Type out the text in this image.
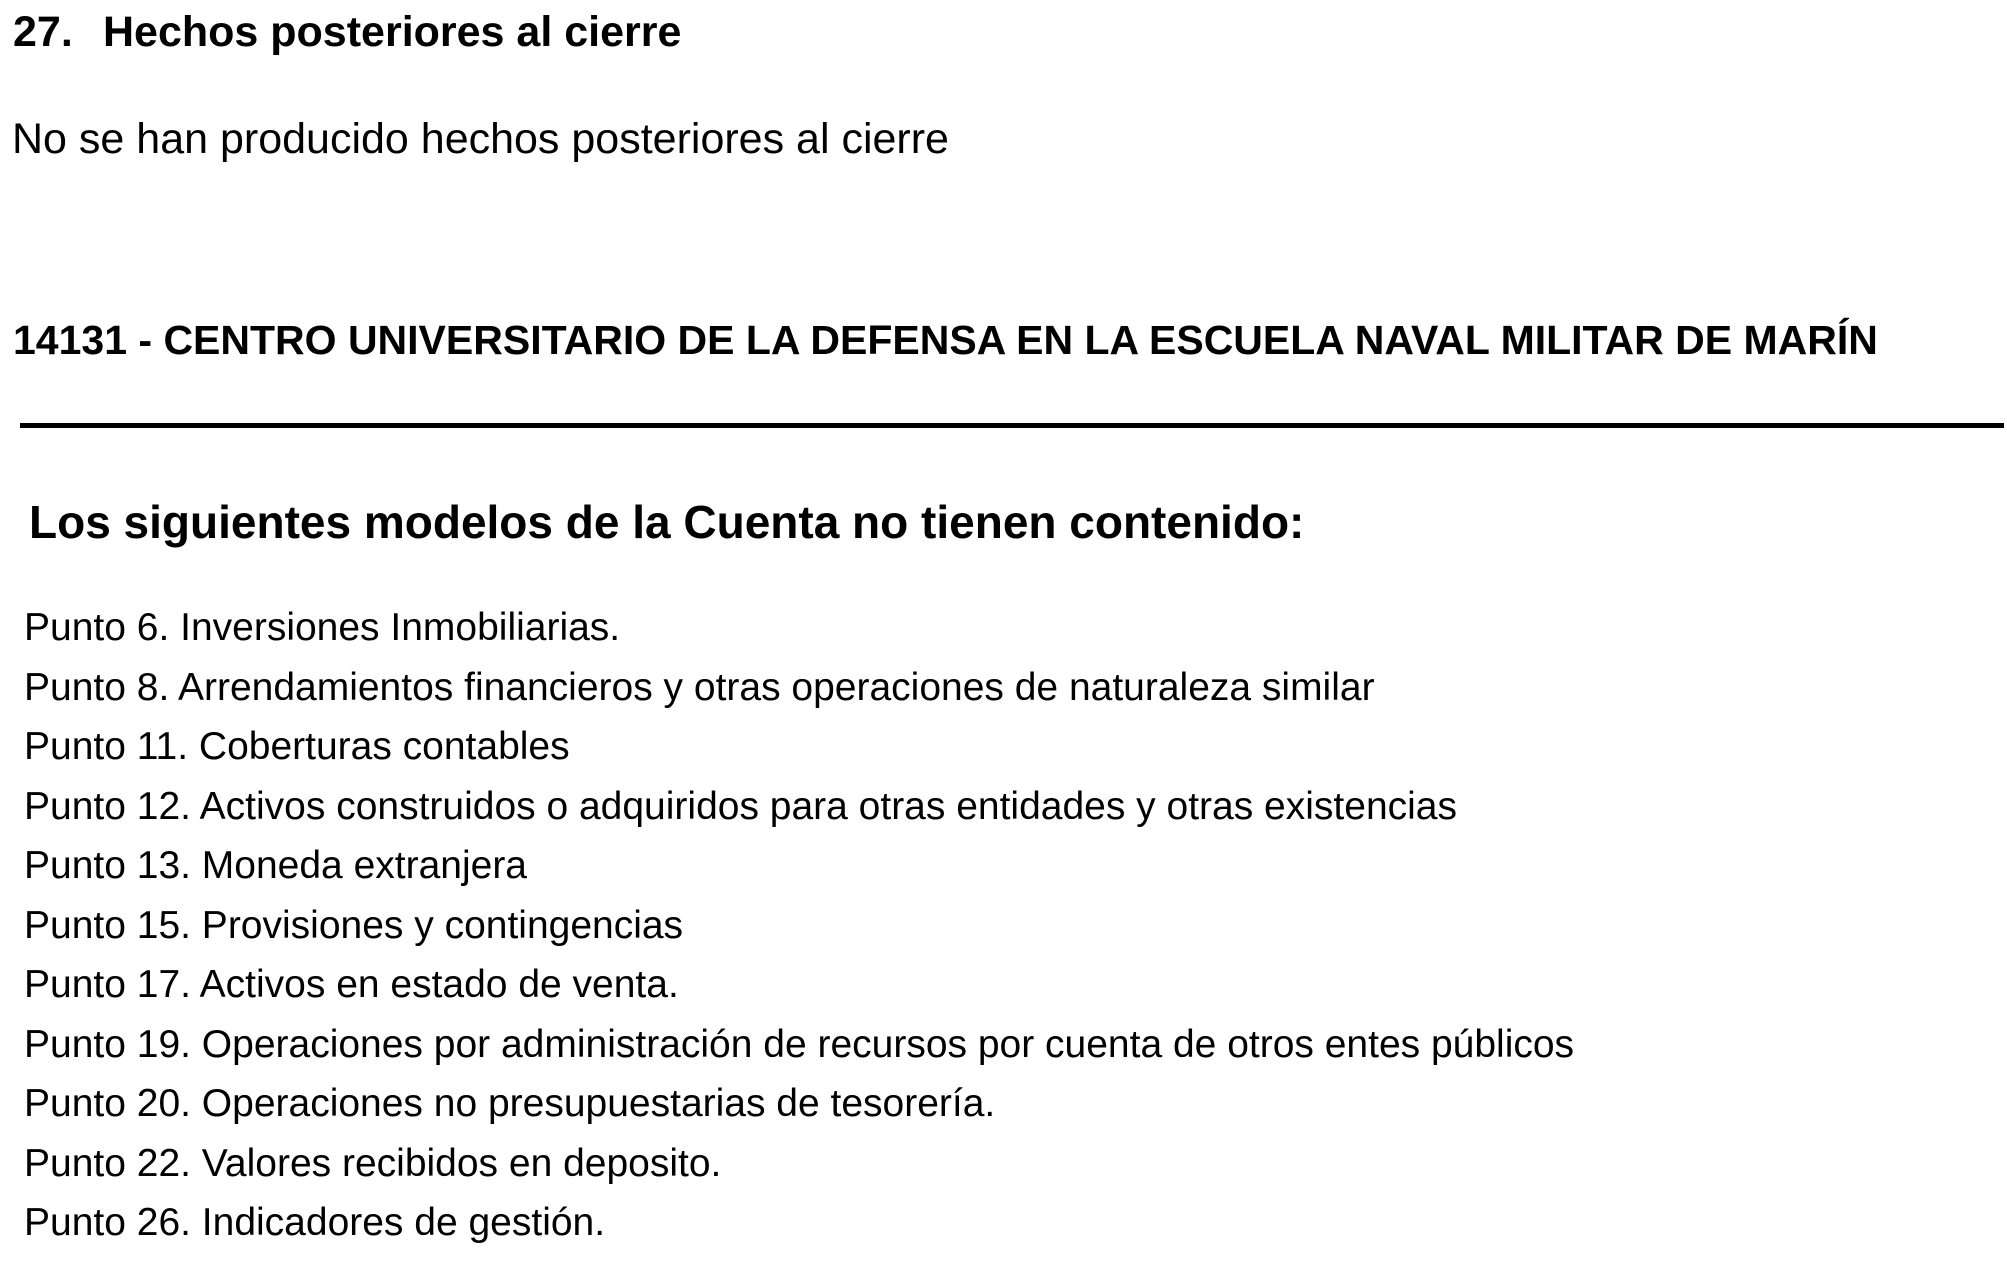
27. Hechos posteriores al cierre

No se han producido hechos posteriores al cierre

14131 - CENTRO UNIVERSITARIO DE LA DEFENSA EN LA ESCUELA NAVAL MILITAR DE MARÍN
Los siguientes modelos de la Cuenta no tienen contenido:
Punto 6. Inversiones Inmobiliarias.
Punto 8. Arrendamientos financieros y otras operaciones de naturaleza similar
Punto 11. Coberturas contables
Punto 12. Activos construidos o adquiridos para otras entidades y otras existencias
Punto 13. Moneda extranjera
Punto 15. Provisiones y contingencias
Punto 17. Activos en estado de venta.
Punto 19. Operaciones por administración de recursos por cuenta de otros entes públicos
Punto 20. Operaciones no presupuestarias de tesorería.
Punto 22. Valores recibidos en deposito.
Punto 26. Indicadores de gestión.
